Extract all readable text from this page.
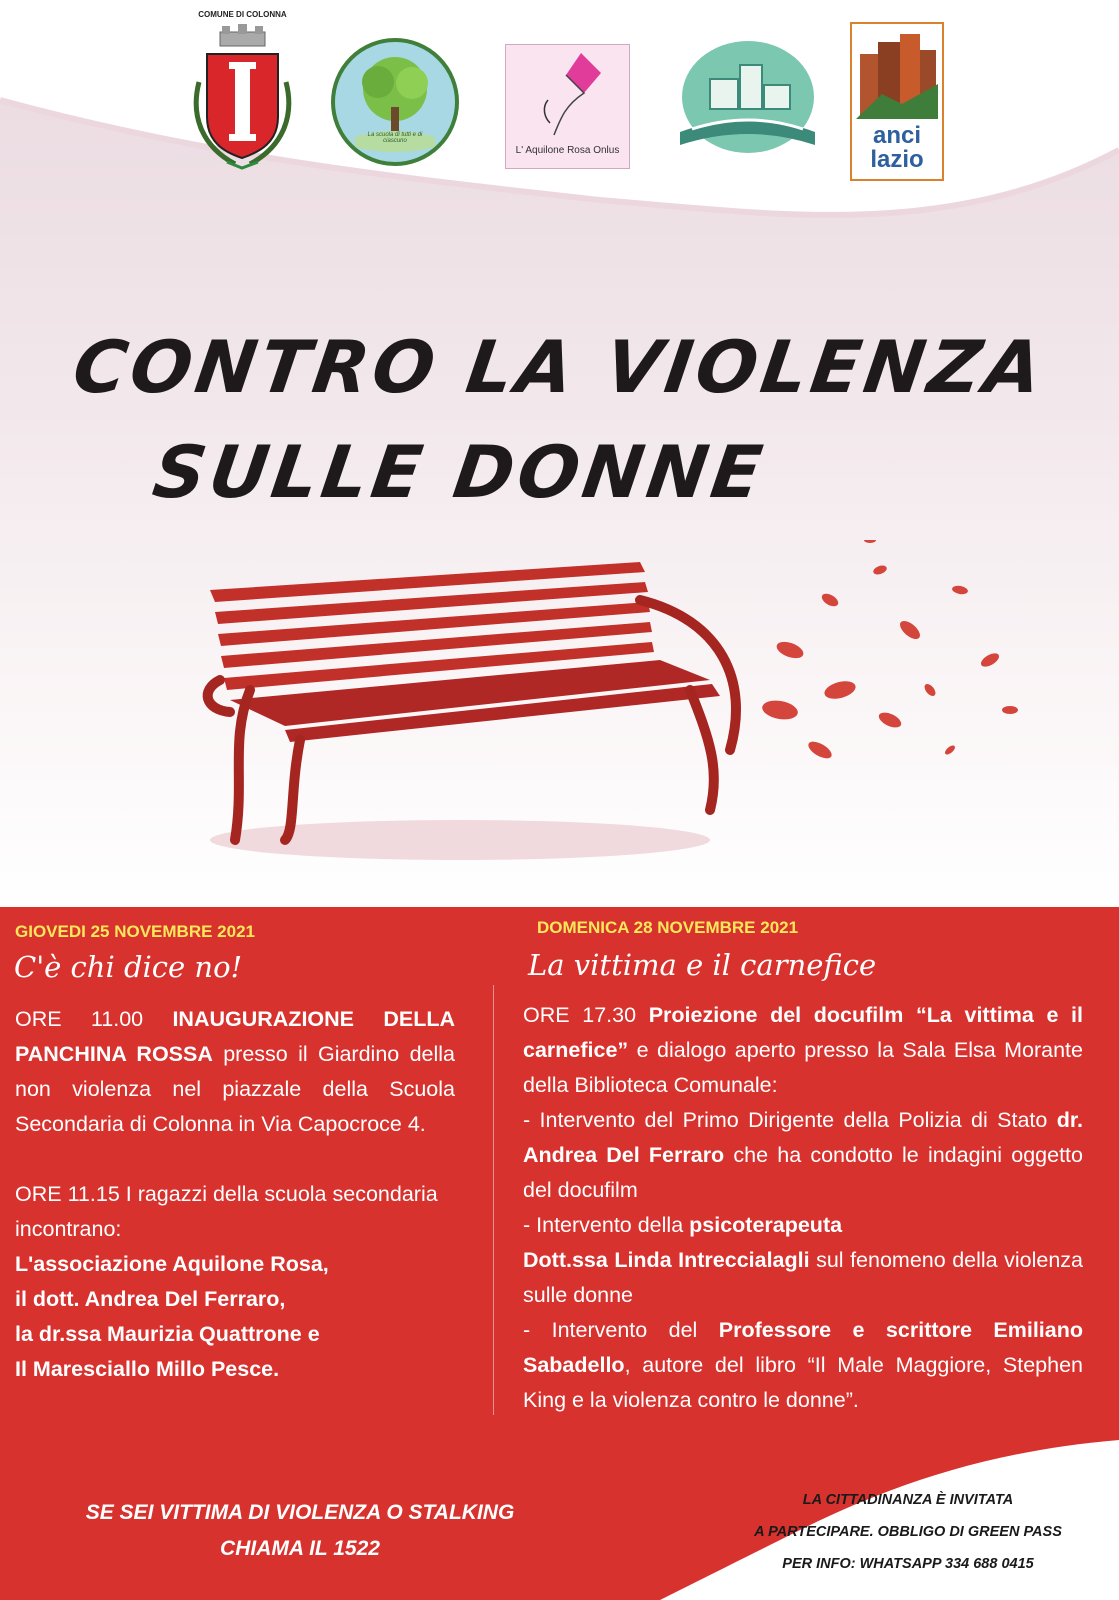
COMUNE DI COLONNA
La scuola di tutti e di ciascuno
L' Aquilone Rosa Onlus
anci
lazio
CONTRO LA VIOLENZA
SULLE DONNE
GIOVEDI 25 NOVEMBRE 2021
C'è chi dice no!

ORE 11.00 INAUGURAZIONE DELLA PANCHINA ROSSA presso il Giardino della non violenza nel piazzale della Scuola Secondaria di Colonna in Via Capocroce 4.

ORE 11.15 I ragazzi della scuola secondaria incontrano:

L'associazione Aquilone Rosa,

il dott. Andrea Del Ferraro,

la dr.ssa Maurizia Quattrone e

Il Maresciallo Millo Pesce.

DOMENICA 28 NOVEMBRE 2021
La vittima e il carnefice

ORE 17.30 Proiezione del docufilm “La vittima e il carnefice” e dialogo aperto presso la Sala Elsa Morante della Biblioteca Comunale:

- Intervento del Primo Dirigente della Polizia di Stato dr. Andrea Del Ferraro che ha condotto le indagini oggetto del docufilm

- Intervento della psicoterapeuta
Dott.ssa Linda Intreccialagli sul fenomeno della violenza sulle donne

- Intervento del Professore e scrittore Emiliano Sabadello, autore del libro “Il Male Maggiore, Stephen King e la violenza contro le donne”.

SE SEI VITTIMA DI VIOLENZA O STALKING
CHIAMA IL 1522
LA CITTADINANZA È INVITATA
A PARTECIPARE. OBBLIGO DI GREEN PASS
PER INFO: WHATSAPP 334 688 0415
